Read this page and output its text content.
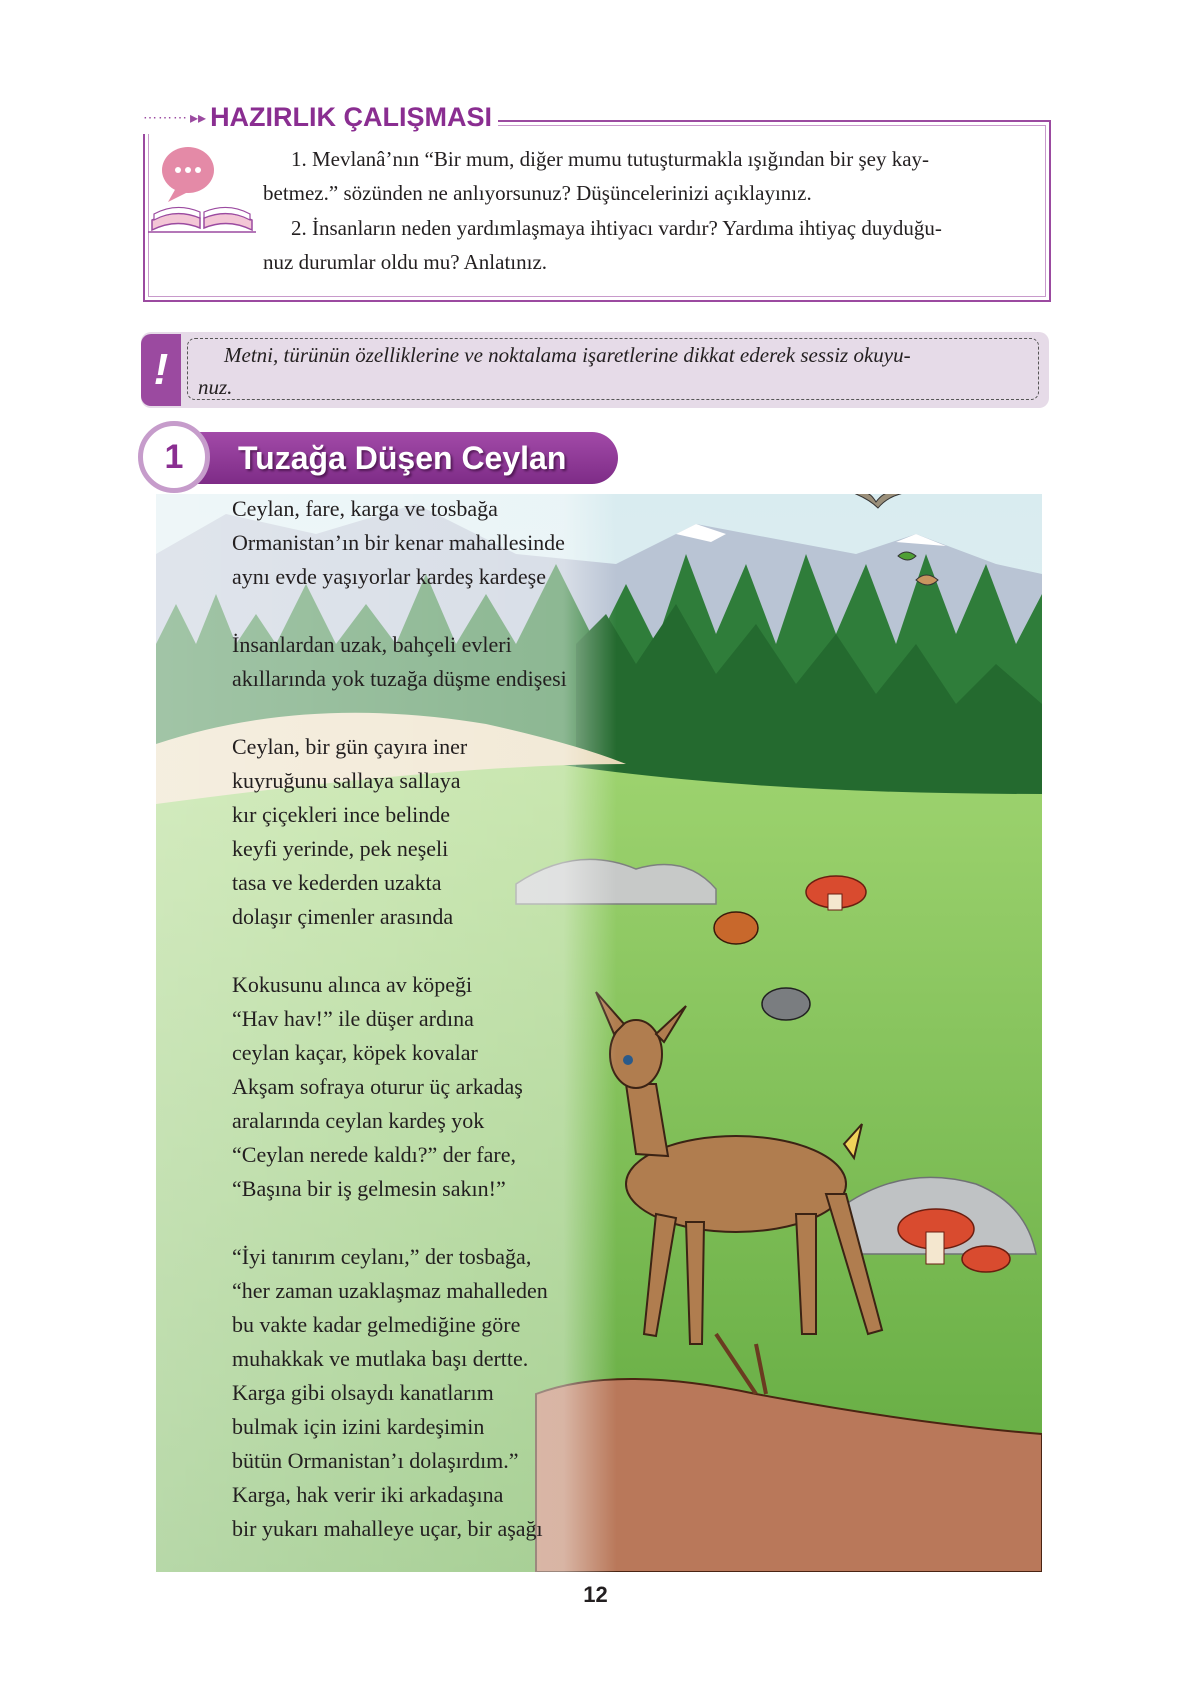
⋯⋯⋯ ▸▸ HAZIRLIK ÇALIŞMASI

1. Mevlanâ’nın “Bir mum, diğer mumu tutuşturmakla ışığından bir şey kay-
betmez.” sözünden ne anlıyorsunuz? Düşüncelerinizi açıklayınız.

2. İnsanların neden yardımlaşmaya ihtiyacı vardır? Yardıma ihtiyaç duyduğu-
nuz durumlar oldu mu? Anlatınız.

!	Metni, türünün özelliklerine ve noktalama işaretlerine dikkat ederek sessiz okuyu-
nuz.

1	Tuzağa Düşen Ceylan
Ceylan, fare, karga ve tosbağa
Ormanistan’ın bir kenar mahallesinde
aynı evde yaşıyorlar kardeş kardeşe
İnsanlardan uzak, bahçeli evleri
akıllarında yok tuzağa düşme endişesi
Ceylan, bir gün çayıra iner
kuyruğunu sallaya sallaya
kır çiçekleri ince belinde
keyfi yerinde, pek neşeli
tasa ve kederden uzakta
dolaşır çimenler arasında
Kokusunu alınca av köpeği
“Hav hav!” ile düşer ardına
ceylan kaçar, köpek kovalar
Akşam sofraya oturur üç arkadaş
aralarında ceylan kardeş yok
“Ceylan nerede kaldı?” der fare,
“Başına bir iş gelmesin sakın!”
“İyi tanırım ceylanı,” der tosbağa,
“her zaman uzaklaşmaz mahalleden
bu vakte kadar gelmediğine göre
muhakkak ve mutlaka başı dertte.
Karga gibi olsaydı kanatlarım
bulmak için izini kardeşimin
bütün Ormanistan’ı dolaşırdım.”
Karga, hak verir iki arkadaşına
bir yukarı mahalleye uçar, bir aşağı
12
